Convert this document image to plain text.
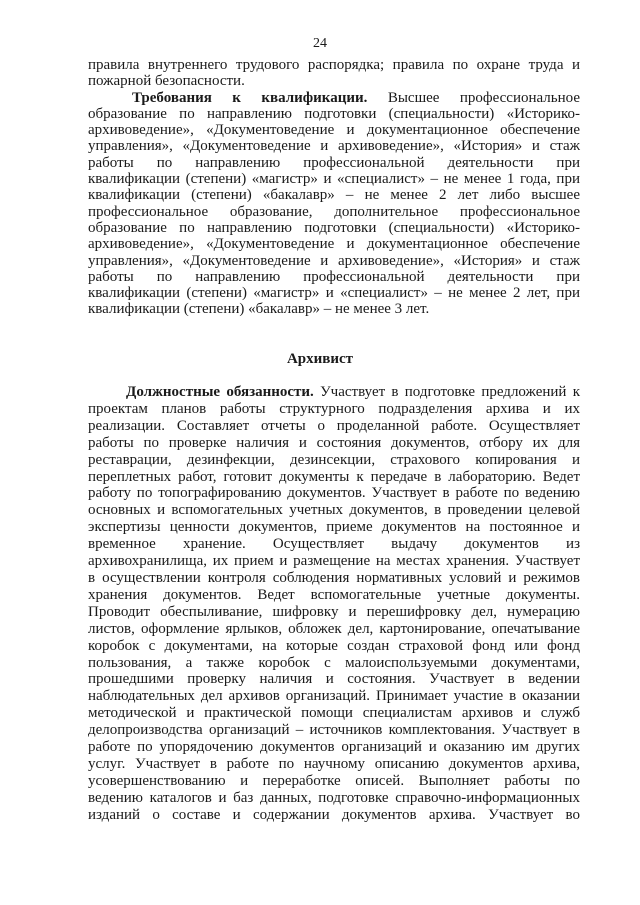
24
правила внутреннего трудового распорядка; правила по охране труда и
пожарной безопасности.
Требования к квалификации. Высшее профессиональное
образование по направлению подготовки (специальности) «Историко-
архивоведение», «Документоведение и документационное обеспечение
управления», «Документоведение и архивоведение», «История» и стаж
работы по направлению профессиональной деятельности при
квалификации (степени) «магистр» и «специалист» – не менее 1 года, при
квалификации (степени) «бакалавр» – не менее 2 лет либо высшее
профессиональное образование, дополнительное профессиональное
образование по направлению подготовки (специальности) «Историко-
архивоведение», «Документоведение и документационное обеспечение
управления», «Документоведение и архивоведение», «История» и стаж
работы по направлению профессиональной деятельности при
квалификации (степени) «магистр» и «специалист» – не менее 2 лет, при
квалификации (степени) «бакалавр» – не менее 3 лет.
Архивист
Должностные обязанности. Участвует в подготовке предложений к
проектам планов работы структурного подразделения архива и их
реализации. Составляет отчеты о проделанной работе. Осуществляет
работы по проверке наличия и состояния документов, отбору их для
реставрации, дезинфекции, дезинсекции, страхового копирования и
переплетных работ, готовит документы к передаче в лабораторию. Ведет
работу по топографированию документов. Участвует в работе по ведению
основных и вспомогательных учетных документов, в проведении целевой
экспертизы ценности документов, приеме документов на постоянное и
временное хранение. Осуществляет выдачу документов из
архивохранилища, их прием и размещение на местах хранения. Участвует
в осуществлении контроля соблюдения нормативных условий и режимов
хранения документов. Ведет вспомогательные учетные документы.
Проводит обеспыливание, шифровку и перешифровку дел, нумерацию
листов, оформление ярлыков, обложек дел, картонирование, опечатывание
коробок с документами, на которые создан страховой фонд или фонд
пользования, а также коробок с малоиспользуемыми документами,
прошедшими проверку наличия и состояния. Участвует в ведении
наблюдательных дел архивов организаций. Принимает участие в оказании
методической и практической помощи специалистам архивов и служб
делопроизводства организаций – источников комплектования. Участвует в
работе по упорядочению документов организаций и оказанию им других
услуг. Участвует в работе по научному описанию документов архива,
усовершенствованию и переработке описей. Выполняет работы по
ведению каталогов и баз данных, подготовке справочно-информационных
изданий о составе и содержании документов архива. Участвует во
